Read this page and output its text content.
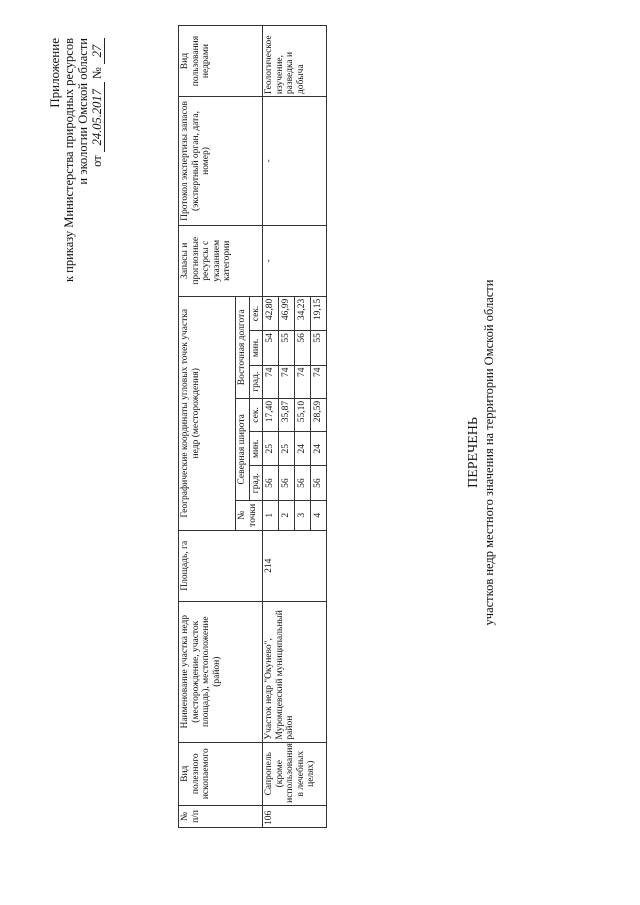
Приложение к приказу Министерства природных ресурсов и экологии Омской области от 24.05.2017 № 27
ПЕРЕЧЕНЬ участков недр местного значения на территории Омской области
№ п/п	Вид полезного ископаемого	Наименование участка недр (месторождение, участок площадь), местоположение (район)	Площадь, га	Географические координаты угловых точек участка недр (месторождения)							Запасы и прогнозные ресурсы с указанием категории	Протокол экспертизы запасов (экспертный орган, дата, номер)	Вид пользования недрами
				№ точки	Северная широта			Восточная долгота					
					град.	мин.	сек.	град.	мин.	сек.			
106	Сапропель (кроме использования в лечебных целях)	Участок недр "Окунево", Муромцевский муниципальный район	214	1	56	25	17,40	74	54	42,80	-	-	Геологическое изучение, разведка и добыча
				2	56	25	35,87	74	55	46,99			
				3	56	24	55,10	74	56	34,23			
				4	56	24	28,59	74	55	19,15			
